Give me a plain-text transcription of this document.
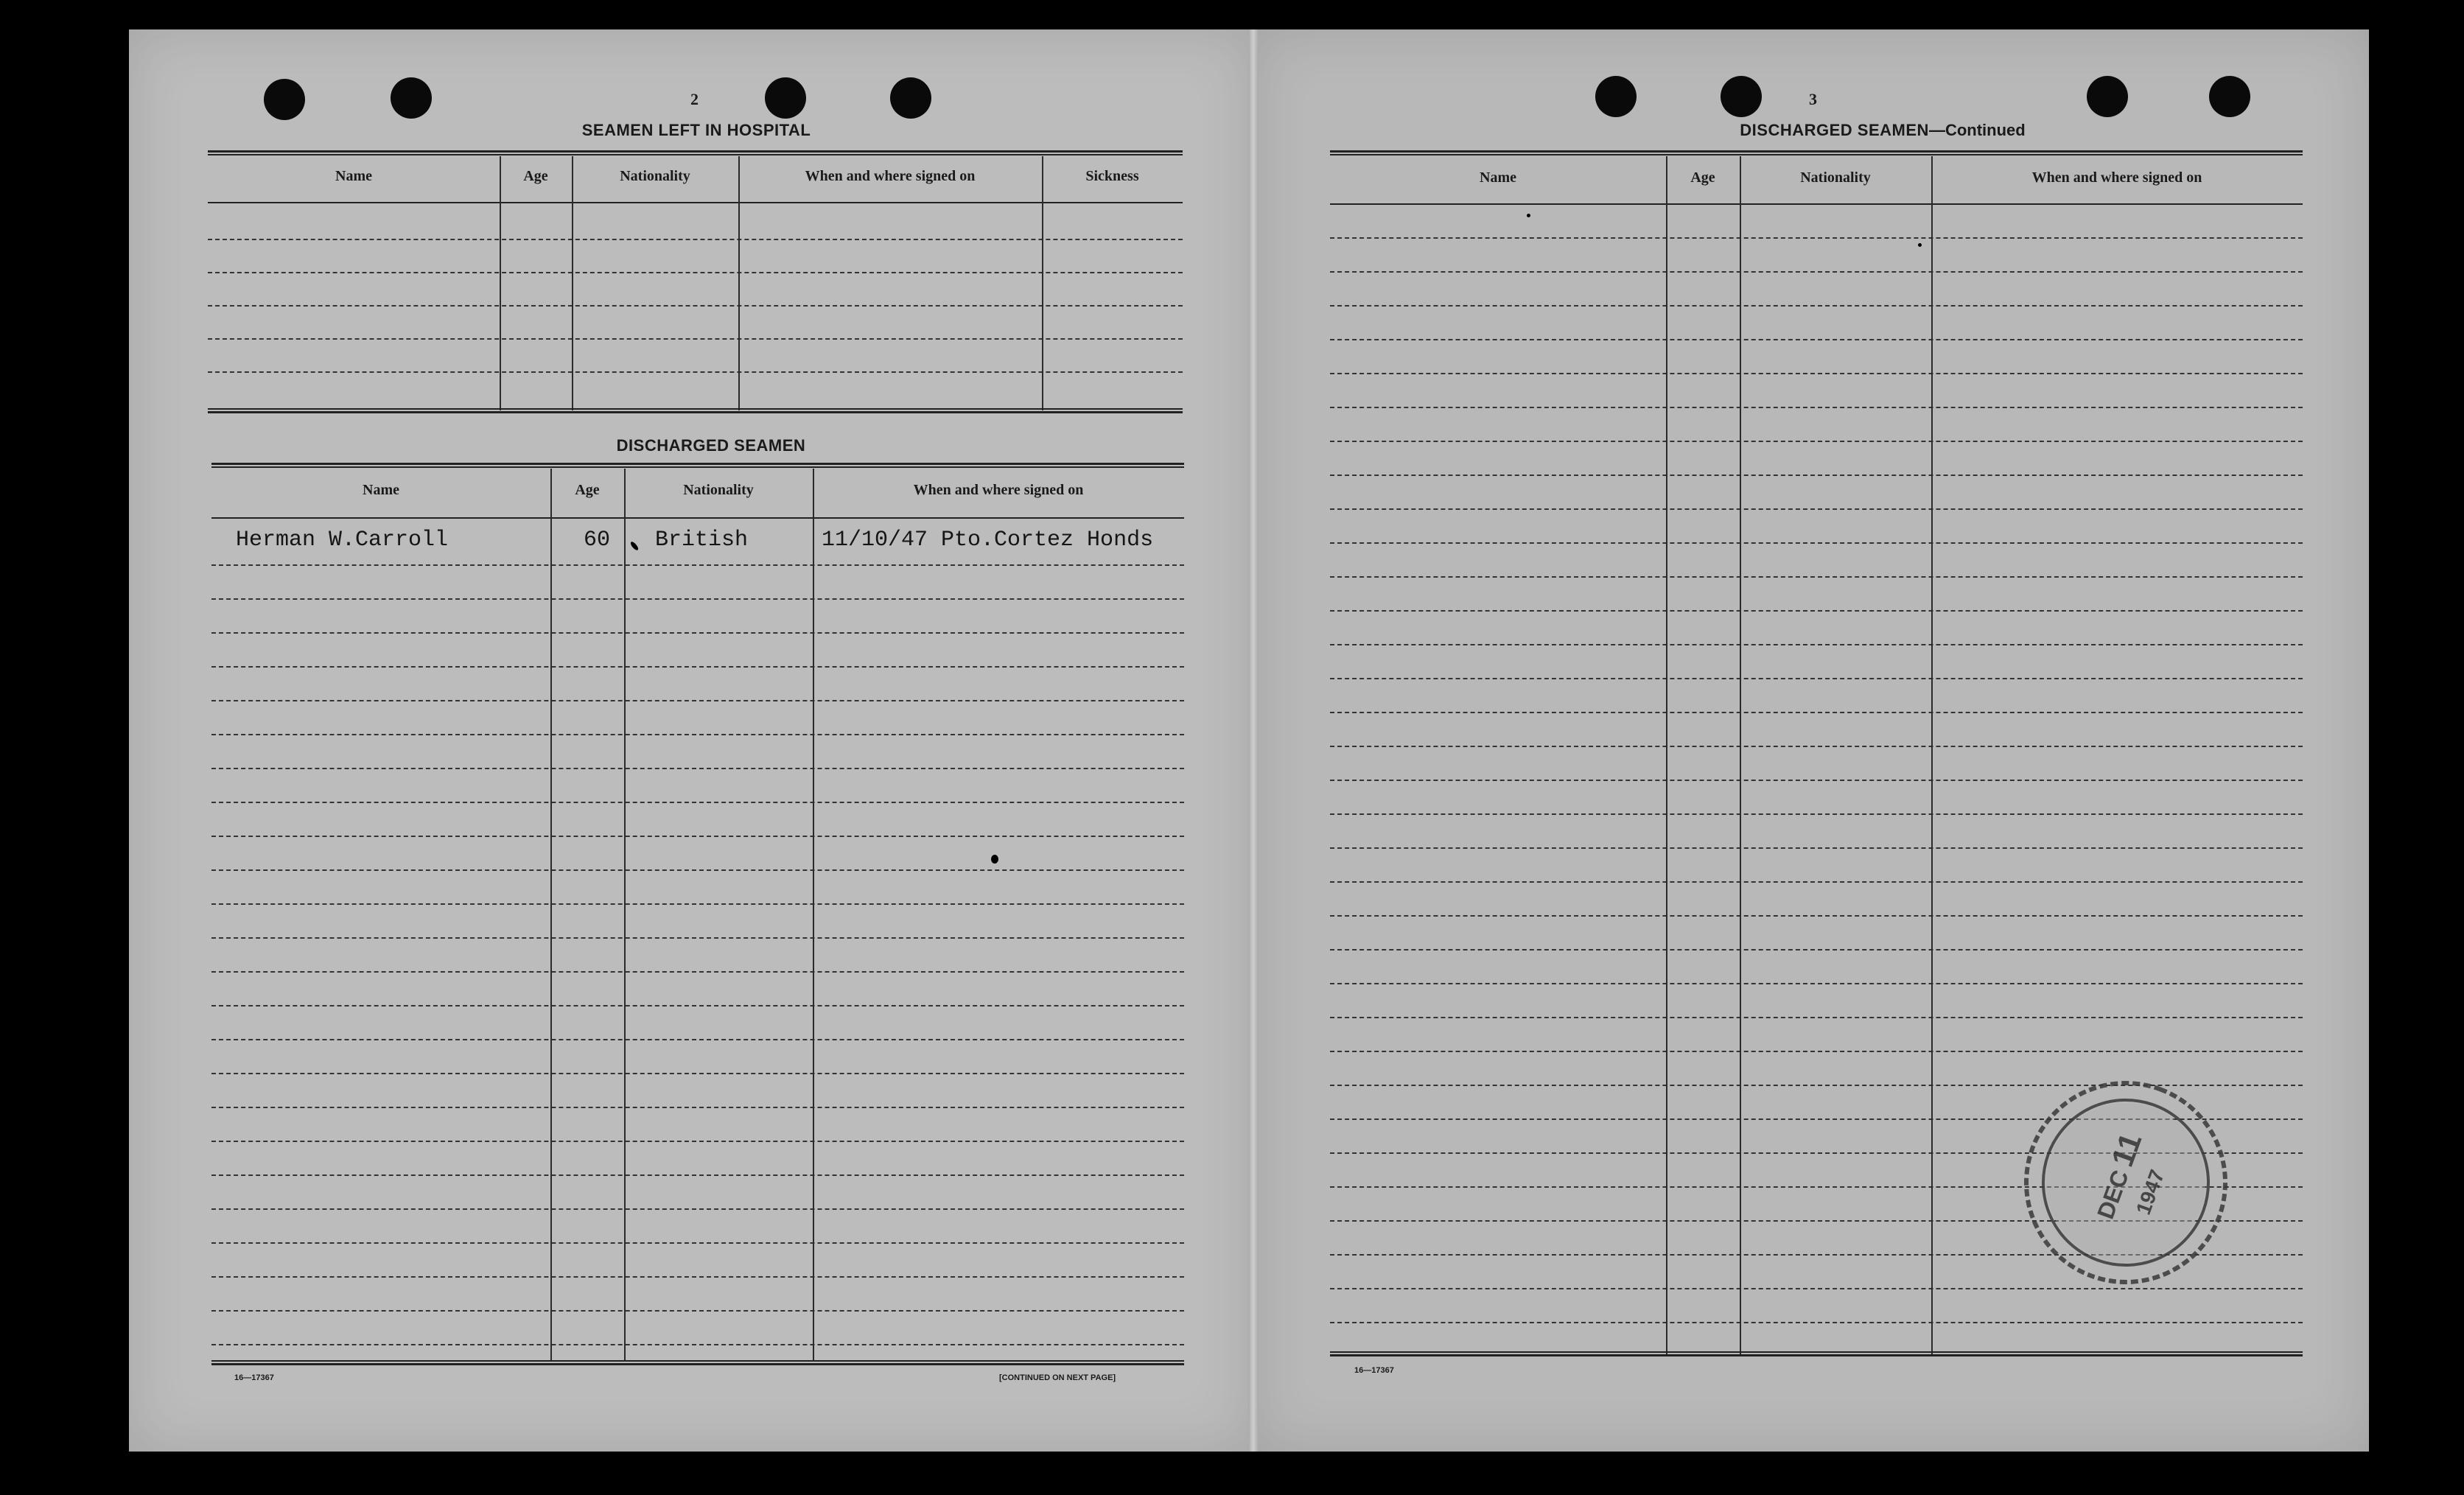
2
SEAMEN LEFT IN HOSPITAL
Name	Age	Nationality	When and where signed on	Sickness
DISCHARGED SEAMEN
Name	Age	Nationality	When and where signed on
Herman W.Carroll	60 British	11/10/47 Pto.Cortez Honds
16—17367	[CONTINUED ON NEXT PAGE]
3
DISCHARGED SEAMEN—Continued
Name	Age	Nationality	When and where signed on
16—17367
DEC
11
1947
